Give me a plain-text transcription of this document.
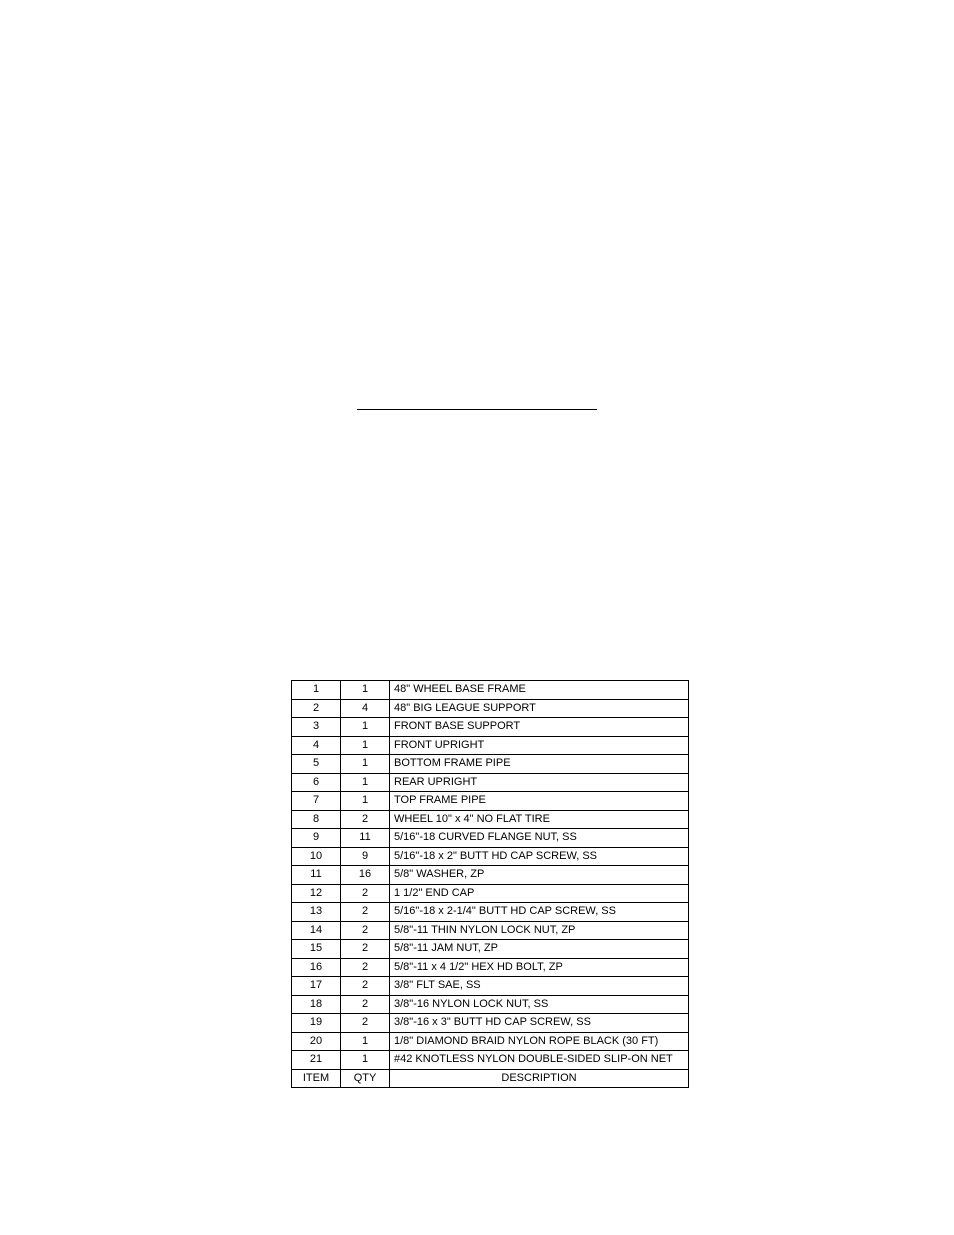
1	1	48" WHEEL BASE FRAME
2	4	48" BIG LEAGUE SUPPORT
3	1	FRONT BASE SUPPORT
4	1	FRONT UPRIGHT
5	1	BOTTOM FRAME PIPE
6	1	REAR UPRIGHT
7	1	TOP FRAME PIPE
8	2	WHEEL 10" x 4" NO FLAT TIRE
9	11	5/16"-18 CURVED FLANGE NUT, SS
10	9	5/16"-18 x 2" BUTT HD CAP SCREW, SS
11	16	5/8" WASHER, ZP
12	2	1 1/2" END CAP
13	2	5/16"-18 x 2-1/4" BUTT HD CAP SCREW, SS
14	2	5/8"-11 THIN NYLON LOCK NUT, ZP
15	2	5/8"-11 JAM NUT, ZP
16	2	5/8"-11 x 4 1/2" HEX HD BOLT, ZP
17	2	3/8" FLT SAE, SS
18	2	3/8"-16 NYLON LOCK NUT, SS
19	2	3/8"-16 x 3" BUTT HD CAP SCREW, SS
20	1	1/8" DIAMOND BRAID NYLON ROPE BLACK (30 FT)
21	1	#42 KNOTLESS NYLON DOUBLE-SIDED SLIP-ON NET
ITEM	QTY	DESCRIPTION
